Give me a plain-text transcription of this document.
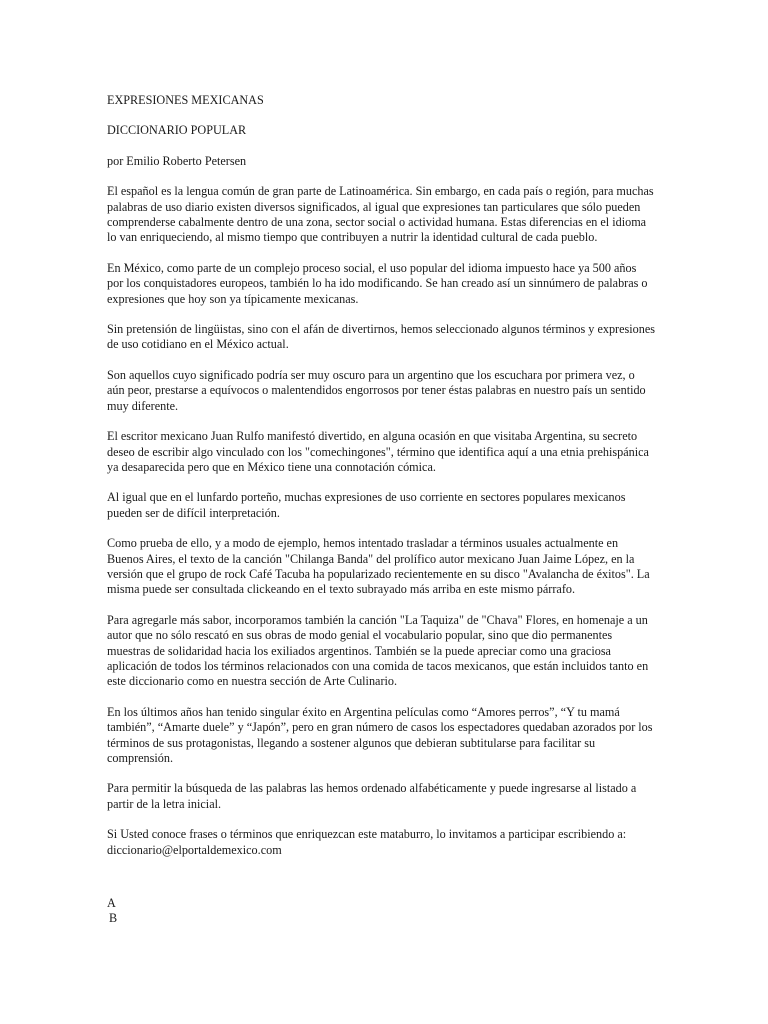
EXPRESIONES MEXICANAS

DICCIONARIO POPULAR

por Emilio Roberto Petersen

El español es la lengua común de gran parte de Latinoamérica. Sin embargo, en cada país o región, para muchas palabras de uso diario existen diversos significados, al igual que expresiones tan particulares que sólo pueden comprenderse cabalmente dentro de una zona, sector social o actividad humana. Estas diferencias en el idioma lo van enriqueciendo, al mismo tiempo que contribuyen a nutrir la identidad cultural de cada pueblo.

En México, como parte de un complejo proceso social, el uso popular del idioma impuesto hace ya 500 años por los conquistadores europeos, también lo ha ido modificando. Se han creado así un sinnúmero de palabras o expresiones que hoy son ya típicamente mexicanas.

Sin pretensión de lingüistas, sino con el afán de divertirnos, hemos seleccionado algunos términos y expresiones de uso cotidiano en el México actual.

Son aquellos cuyo significado podría ser muy oscuro para un argentino que los escuchara por primera vez, o aún peor, prestarse a equívocos o malentendidos engorrosos por tener éstas palabras en nuestro país un sentido muy diferente.

El escritor mexicano Juan Rulfo manifestó divertido, en alguna ocasión en que visitaba Argentina, su secreto deseo de escribir algo vinculado con los "comechingones", término que identifica aquí a una etnia prehispánica ya desaparecida pero que en México tiene una connotación cómica.

Al igual que en el lunfardo porteño, muchas expresiones de uso corriente en sectores populares mexicanos pueden ser de difícil interpretación.

Como prueba de ello, y a modo de ejemplo, hemos intentado trasladar a términos usuales actualmente en Buenos Aires, el texto de la canción "Chilanga Banda" del prolífico autor mexicano Juan Jaime López, en la versión que el grupo de rock Café Tacuba ha popularizado recientemente en su disco "Avalancha de éxitos". La misma puede ser consultada clickeando en el texto subrayado más arriba en este mismo párrafo.

Para agregarle más sabor, incorporamos también la canción "La Taquiza" de "Chava" Flores, en homenaje a un autor que no sólo rescató en sus obras de modo genial el vocabulario popular, sino que dio permanentes muestras de solidaridad hacia los exiliados argentinos. También se la puede apreciar como una graciosa aplicación de todos los términos relacionados con una comida de tacos mexicanos, que están incluidos tanto en este diccionario como en nuestra sección de Arte Culinario.

En los últimos años han tenido singular éxito en Argentina películas como “Amores perros”, “Y tu mamá también”, “Amarte duele” y “Japón”, pero en gran número de casos los espectadores quedaban azorados por los términos de sus protagonistas, llegando a sostener algunos que debieran subtitularse para facilitar su comprensión.

Para permitir la búsqueda de las palabras las hemos ordenado alfabéticamente y puede ingresarse al listado a partir de la letra inicial.

Si Usted conoce frases o términos que enriquezcan este mataburro, lo invitamos a participar escribiendo a: diccionario@elportaldemexico.com

A
B
